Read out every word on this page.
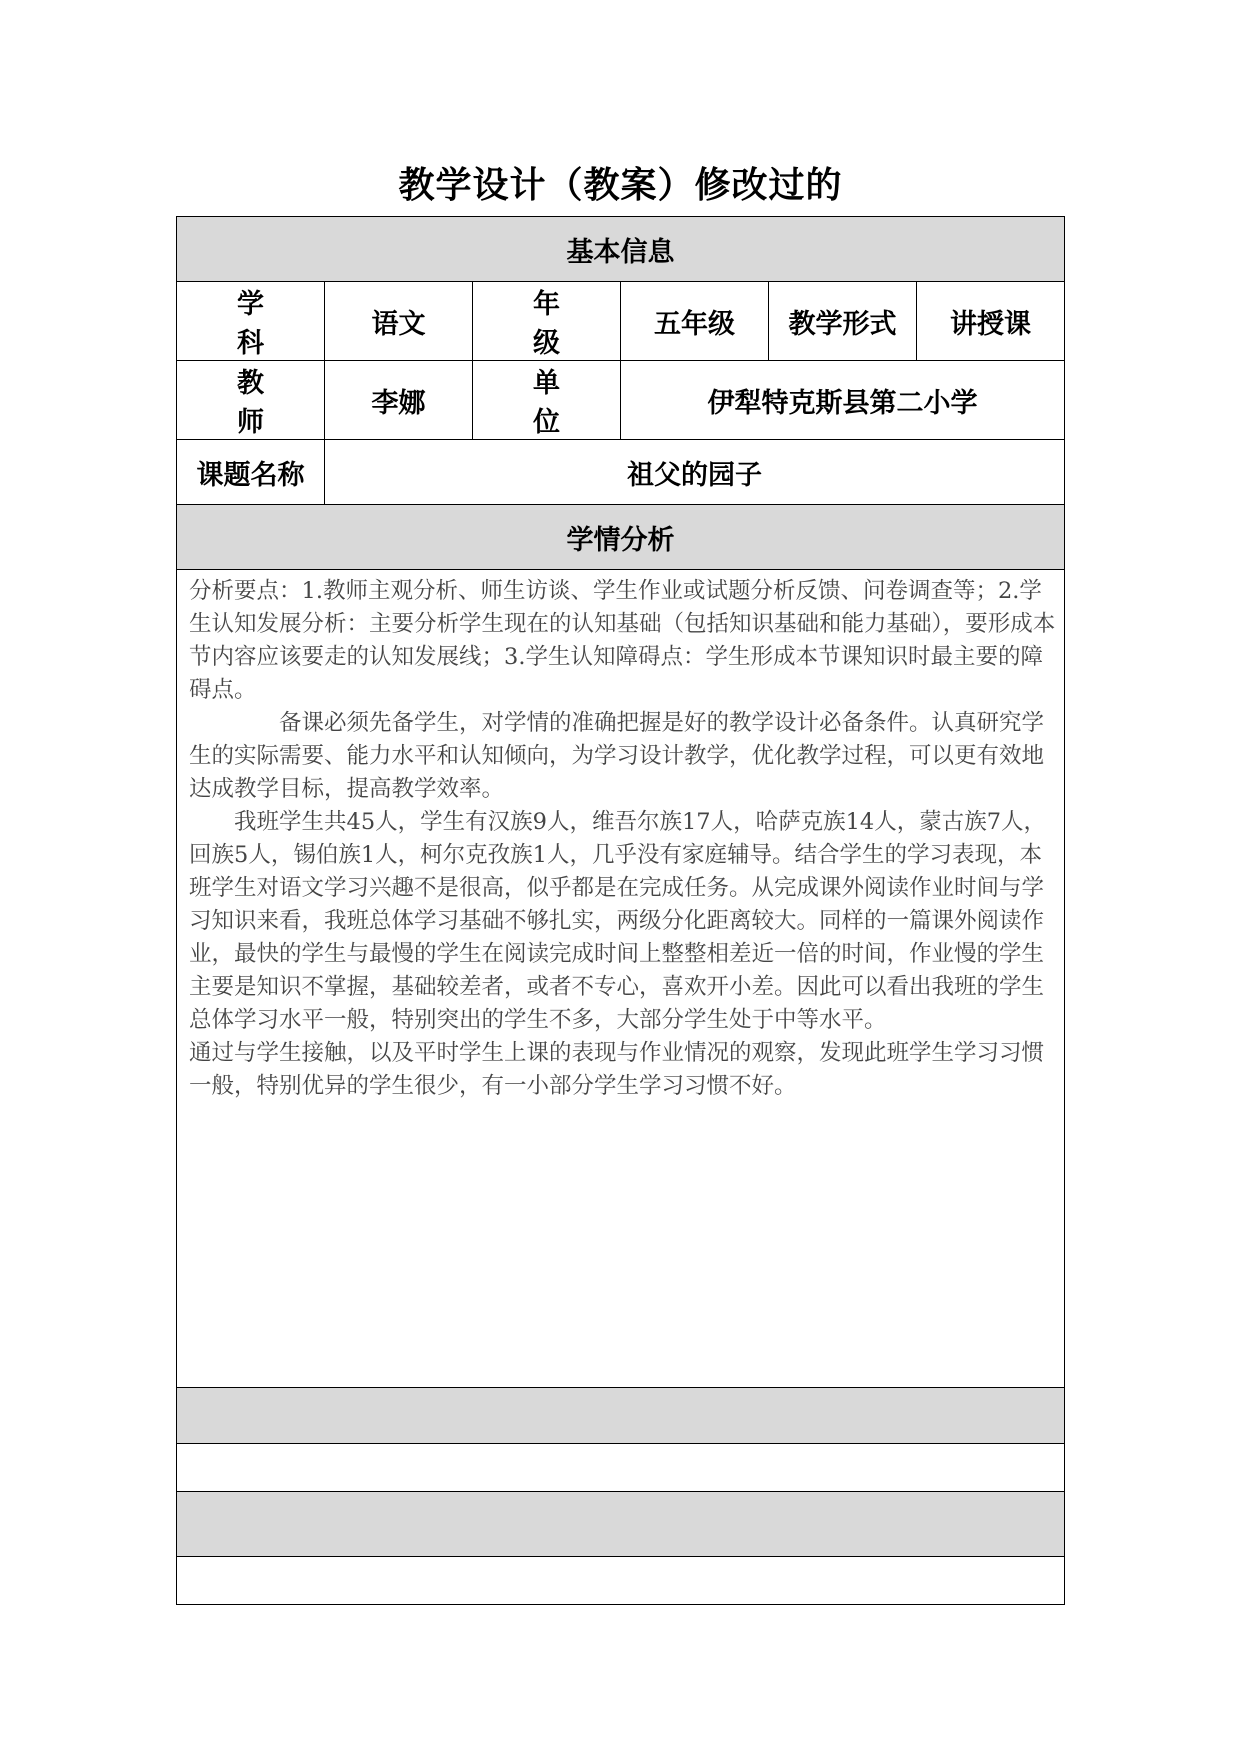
教学设计（教案）修改过的
基本信息					
学 科	语文	年 级	五年级	教学形式	讲授课
教 师	李娜	单 位	伊犁特克斯县第二小学		
课题名称	祖父的园子				
学情分析					

分析要点：1.教师主观分析、师生访谈、学生作业或试题分析反馈、问卷调查等；2.学生认知发展分析：主要分析学生现在的认知基础（包括知识基础和能力基础），要形成本节内容应该要走的认知发展线；3.学生认知障碍点：学生形成本节课知识时最主要的障碍点。

备课必须先备学生，对学情的准确把握是好的教学设计必备条件。认真研究学生的实际需要、能力水平和认知倾向，为学习设计教学，优化教学过程，可以更有效地达成教学目标，提高教学效率。

我班学生共45人，学生有汉族9人，维吾尔族17人，哈萨克族14人，蒙古族7人，回族5人，锡伯族1人，柯尔克孜族1人，几乎没有家庭辅导。结合学生的学习表现，本班学生对语文学习兴趣不是很高，似乎都是在完成任务。从完成课外阅读作业时间与学习知识来看，我班总体学习基础不够扎实，两级分化距离较大。同样的一篇课外阅读作业，最快的学生与最慢的学生在阅读完成时间上整整相差近一倍的时间，作业慢的学生主要是知识不掌握，基础较差者，或者不专心，喜欢开小差。因此可以看出我班的学生总体学习水平一般，特别突出的学生不多，大部分学生处于中等水平。

通过与学生接触，以及平时学生上课的表现与作业情况的观察，发现此班学生学习习惯一般，特别优异的学生很少，有一小部分学生学习习惯不好。					
